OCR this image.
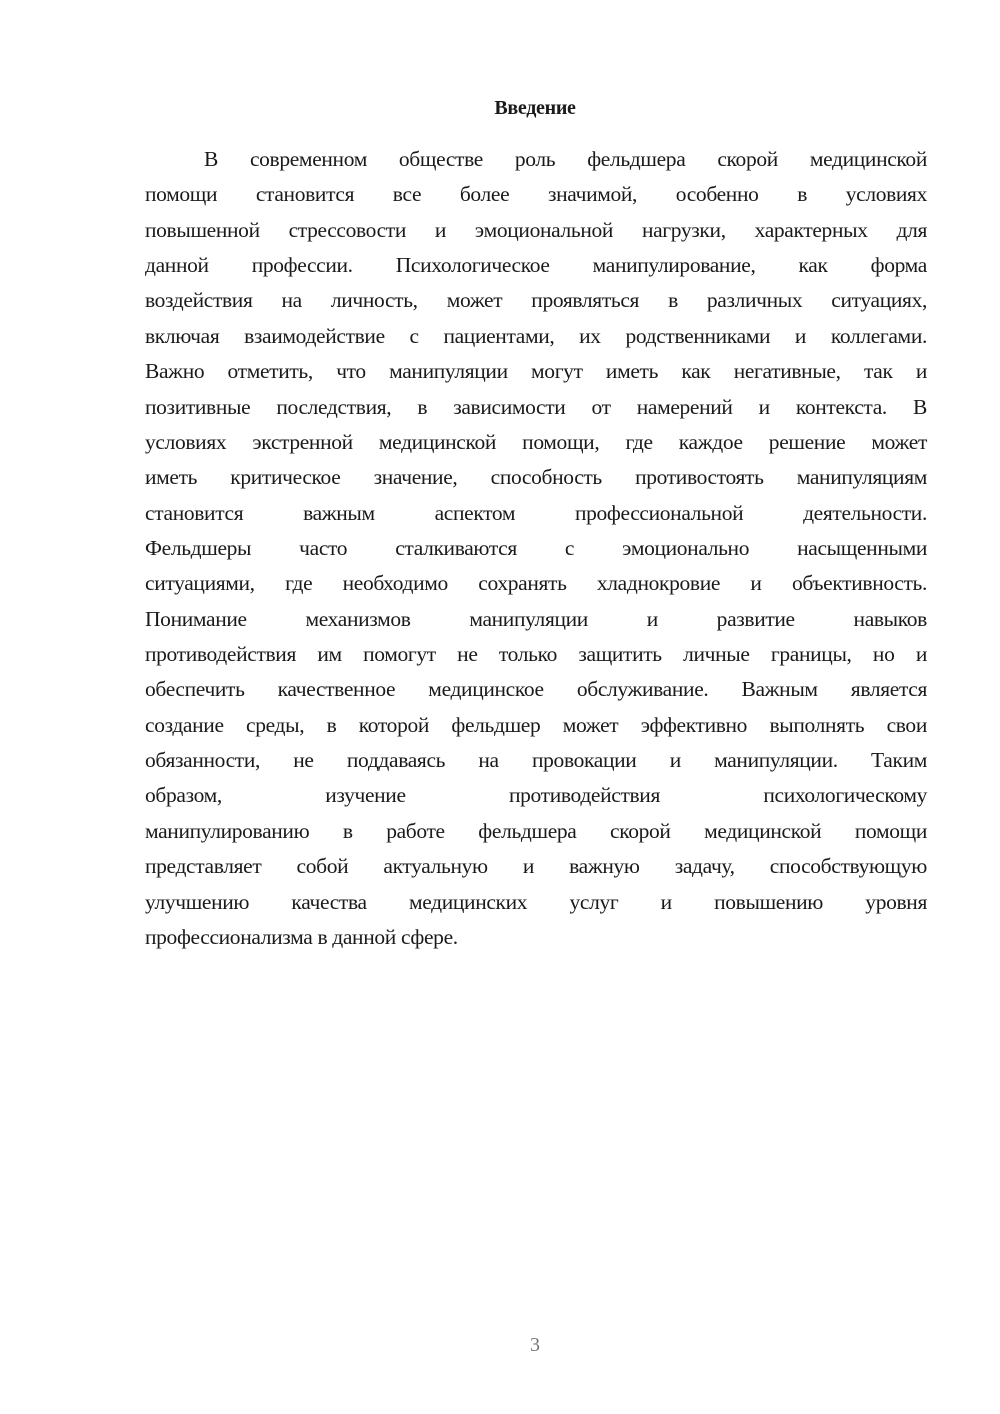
Введение
В современном обществе роль фельдшера скорой медицинской
помощи становится все более значимой, особенно в условиях
повышенной стрессовости и эмоциональной нагрузки, характерных для
данной профессии. Психологическое манипулирование, как форма
воздействия на личность, может проявляться в различных ситуациях,
включая взаимодействие с пациентами, их родственниками и коллегами.
Важно отметить, что манипуляции могут иметь как негативные, так и
позитивные последствия, в зависимости от намерений и контекста. В
условиях экстренной медицинской помощи, где каждое решение может
иметь критическое значение, способность противостоять манипуляциям
становится важным аспектом профессиональной деятельности.
Фельдшеры часто сталкиваются с эмоционально насыщенными
ситуациями, где необходимо сохранять хладнокровие и объективность.
Понимание механизмов манипуляции и развитие навыков
противодействия им помогут не только защитить личные границы, но и
обеспечить качественное медицинское обслуживание. Важным является
создание среды, в которой фельдшер может эффективно выполнять свои
обязанности, не поддаваясь на провокации и манипуляции. Таким
образом, изучение противодействия психологическому
манипулированию в работе фельдшера скорой медицинской помощи
представляет собой актуальную и важную задачу, способствующую
улучшению качества медицинских услуг и повышению уровня
профессионализма в данной сфере.
3
